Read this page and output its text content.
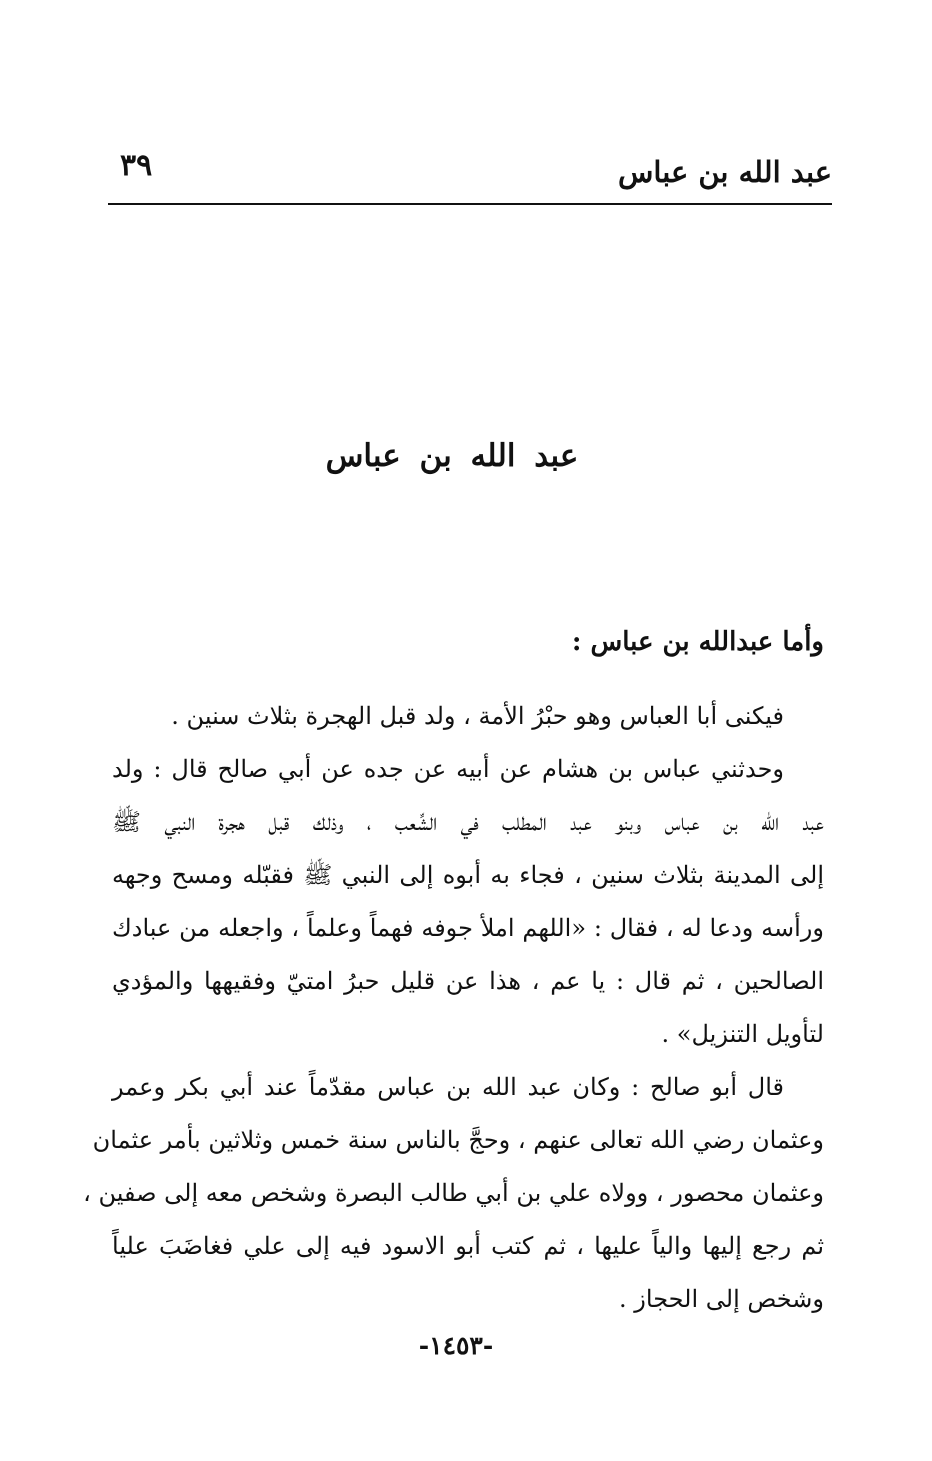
عبد الله بن عباس
٣٩
عبد الله بن عباس
وأما عبدالله بن عباس :
فيكنى أبا العباس وهو حبْرُ الأمة ، ولد قبل الهجرة بثلاث سنين .
وحدثني عباس بن هشام عن أبيه عن جده عن أبي صالح قال : ولد
عبد الله بن عباس وبنو عبد المطلب في الشِّعب ، وذلك قبل هجرة النبي ﷺ
إلى المدينة بثلاث سنين ، فجاء به أبوه إلى النبي ﷺ فقبّله ومسح وجهه
ورأسه ودعا له ، فقال : «اللهم املأ جوفه فهماً وعلماً ، واجعله من عبادك
الصالحين ، ثم قال : يا عم ، هذا عن قليل حبرُ امتيّ وفقيهها والمؤدي
لتأويل التنزيل» .
قال أبو صالح : وكان عبد الله بن عباس مقدّماً عند أبي بكر وعمر
وعثمان رضي الله تعالى عنهم ، وحجَّ بالناس سنة خمس وثلاثين بأمر عثمان
وعثمان محصور ، وولاه علي بن أبي طالب البصرة وشخص معه إلى صفين ،
ثم رجع إليها والياً عليها ، ثم كتب أبو الاسود فيه إلى علي فغاضَبَ علياً
وشخص إلى الحجاز .
-١٤٥٣-
